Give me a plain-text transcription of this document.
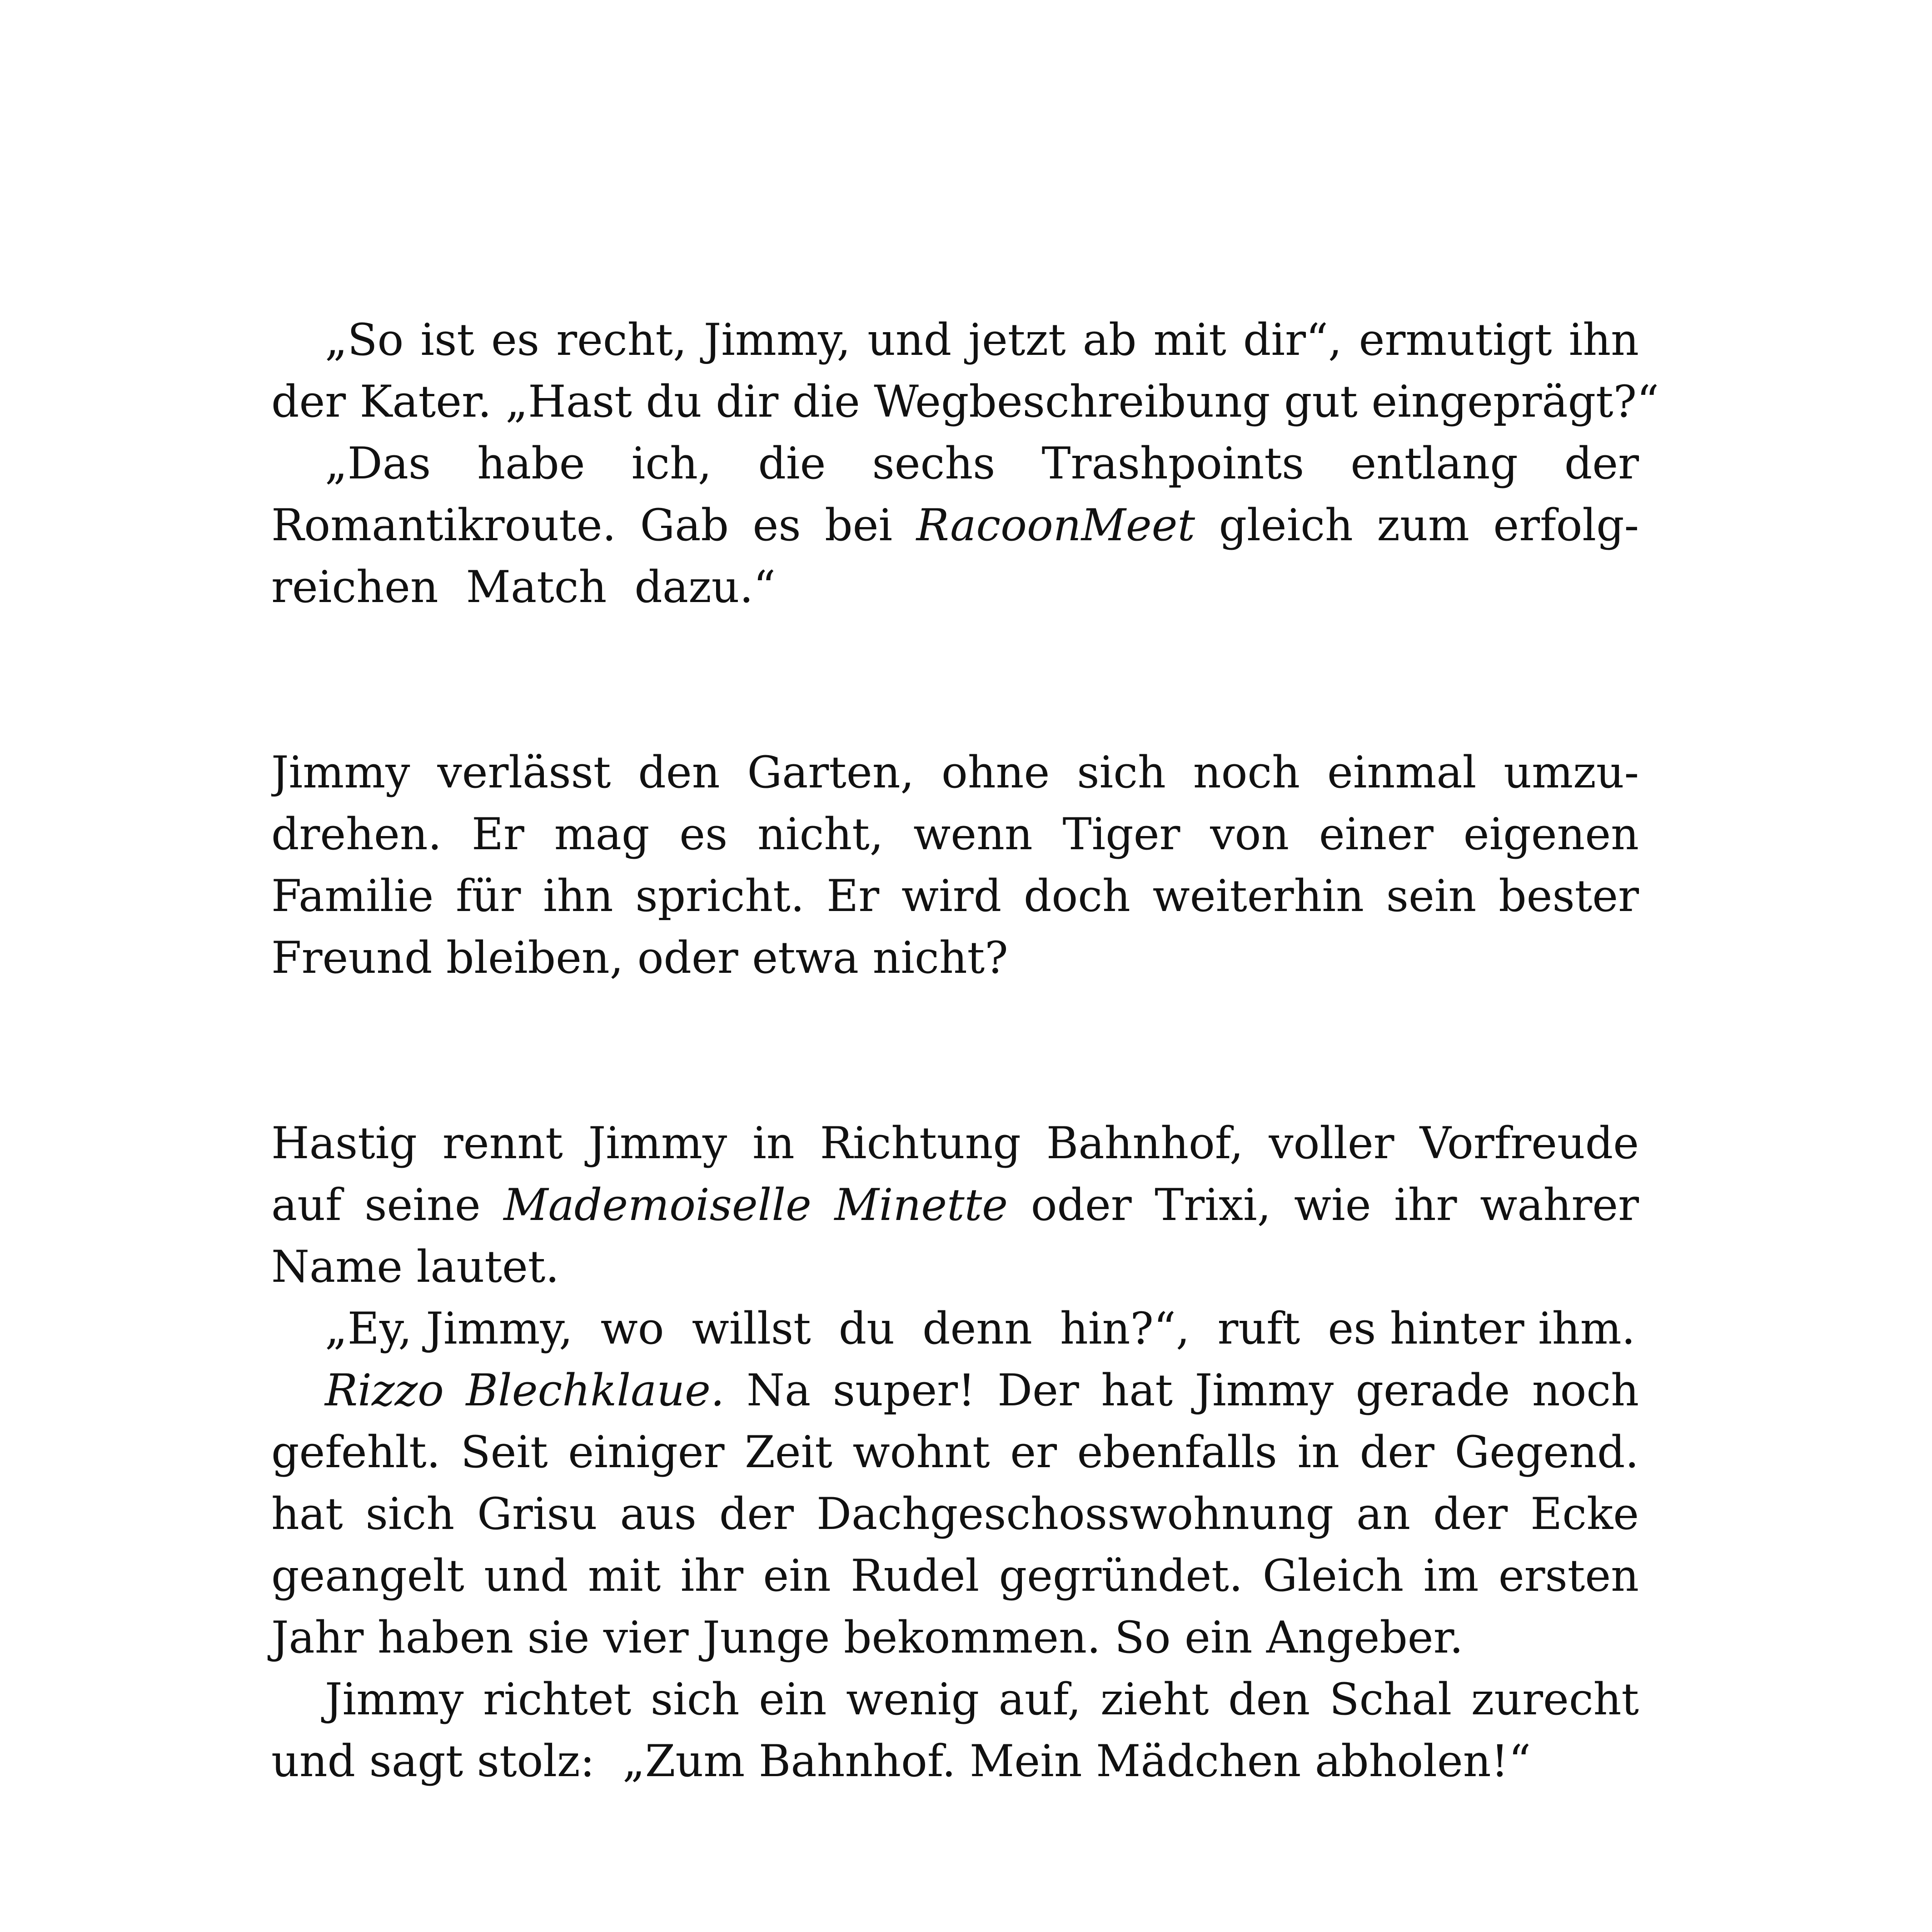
„So ist es recht, Jimmy, und jetzt ab mit dir“, ermutigt ihn
der Kater. „Hast du dir die Wegbeschreibung gut eingeprägt?“
„Das habe ich, die sechs Trashpoints entlang der
Romantikroute. Gab es bei RacoonMeet gleich zum erfolg-
reichen  Match  dazu.“
Jimmy verlässt den Garten, ohne sich noch einmal umzu-
drehen. Er mag es nicht, wenn Tiger von einer eigenen
Familie für ihn spricht. Er wird doch weiterhin sein bester
Freund bleiben, oder etwa nicht?
Hastig rennt Jimmy in Richtung Bahnhof, voller Vorfreude
auf seine Mademoiselle Minette oder Trixi, wie ihr wahrer
Name lautet.
„Ey, Jimmy,  wo  willst  du  denn  hin?“,  ruft  es hinter ihm.
Rizzo Blechklaue. Na super! Der hat Jimmy gerade noch
gefehlt. Seit einiger Zeit wohnt er ebenfalls in der Gegend.
hat sich Grisu aus der Dachgeschosswohnung an der Ecke
geangelt und mit ihr ein Rudel gegründet. Gleich im ersten
Jahr haben sie vier Junge bekommen. So ein Angeber.
Jimmy richtet sich ein wenig auf, zieht den Schal zurecht
und sagt stolz:  „Zum Bahnhof. Mein Mädchen abholen!“
